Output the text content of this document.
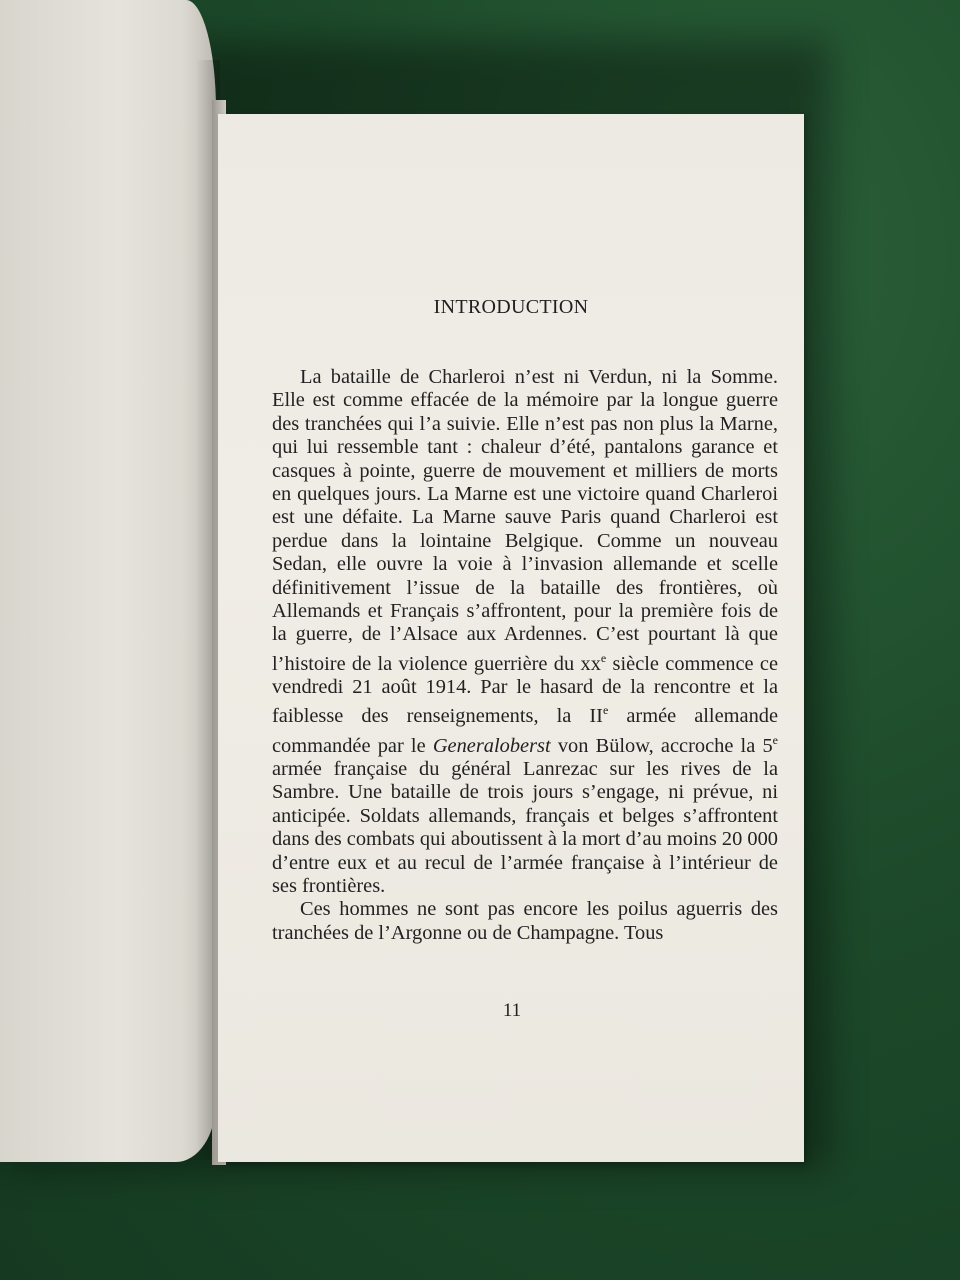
INTRODUCTION

La bataille de Charleroi n’est ni Verdun, ni la Somme. Elle est comme effacée de la mémoire par la longue guerre des tranchées qui l’a suivie. Elle n’est pas non plus la Marne, qui lui ressemble tant : chaleur d’été, pantalons garance et casques à pointe, guerre de mouvement et milliers de morts en quelques jours. La Marne est une victoire quand Charleroi est une défaite. La Marne sauve Paris quand Charleroi est perdue dans la lointaine Belgique. Comme un nouveau Sedan, elle ouvre la voie à l’invasion allemande et scelle définitivement l’issue de la bataille des frontières, où Allemands et Français s’affrontent, pour la première fois de la guerre, de l’Alsace aux Ardennes. C’est pourtant là que l’histoire de la violence guerrière du $xx^e$ siècle commence ce vendredi 21 août 1914. Par le hasard de la rencontre et la faiblesse des renseignements, la IIe armée allemande commandée par le Generaloberst von Bülow, accroche la 5e armée française du général Lanrezac sur les rives de la Sambre. Une bataille de trois jours s’engage, ni prévue, ni anticipée. Soldats allemands, français et belges s’affrontent dans des combats qui aboutissent à la mort d’au moins 20 000 d’entre eux et au recul de l’armée française à l’intérieur de ses frontières.

Ces hommes ne sont pas encore les poilus aguerris des tranchées de l’Argonne ou de Champagne. Tous

11
